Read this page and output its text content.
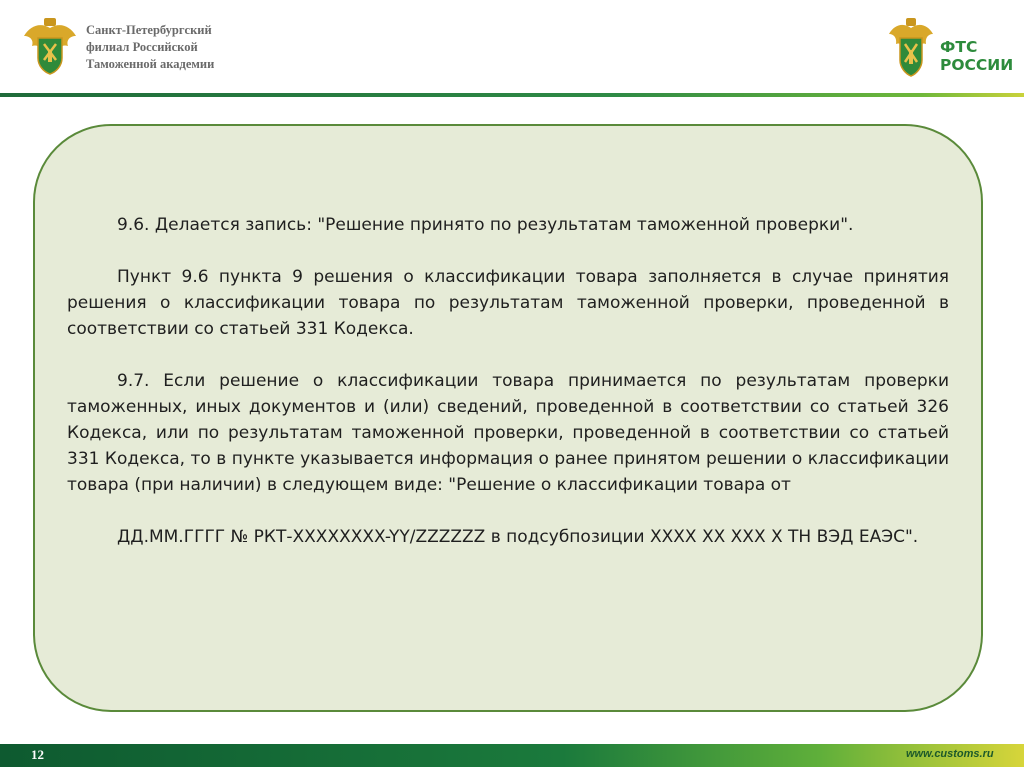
Санкт-Петербургский
филиал Российской
Таможенной академии
ФТС
РОССИИ

9.6. Делается запись: "Решение принято по результатам таможенной проверки".

Пункт 9.6 пункта 9 решения о классификации товара заполняется в случае принятия решения о классификации товара по результатам таможенной проверки, проведенной в соответствии со статьей 331 Кодекса.

9.7. Если решение о классификации товара принимается по результатам проверки таможенных, иных документов и (или) сведений, проведенной в соответствии со статьей 326 Кодекса, или по результатам таможенной проверки, проведенной в соответствии со статьей 331 Кодекса, то в пункте указывается информация о ранее принятом решении о классификации товара (при наличии) в следующем виде: "Решение о классификации товара от

ДД.ММ.ГГГГ № РКТ-XXXXXXXX-YY/ZZZZZZ в подсубпозиции XXXX XX XXX X ТН ВЭД ЕАЭС".

12	www.customs.ru
